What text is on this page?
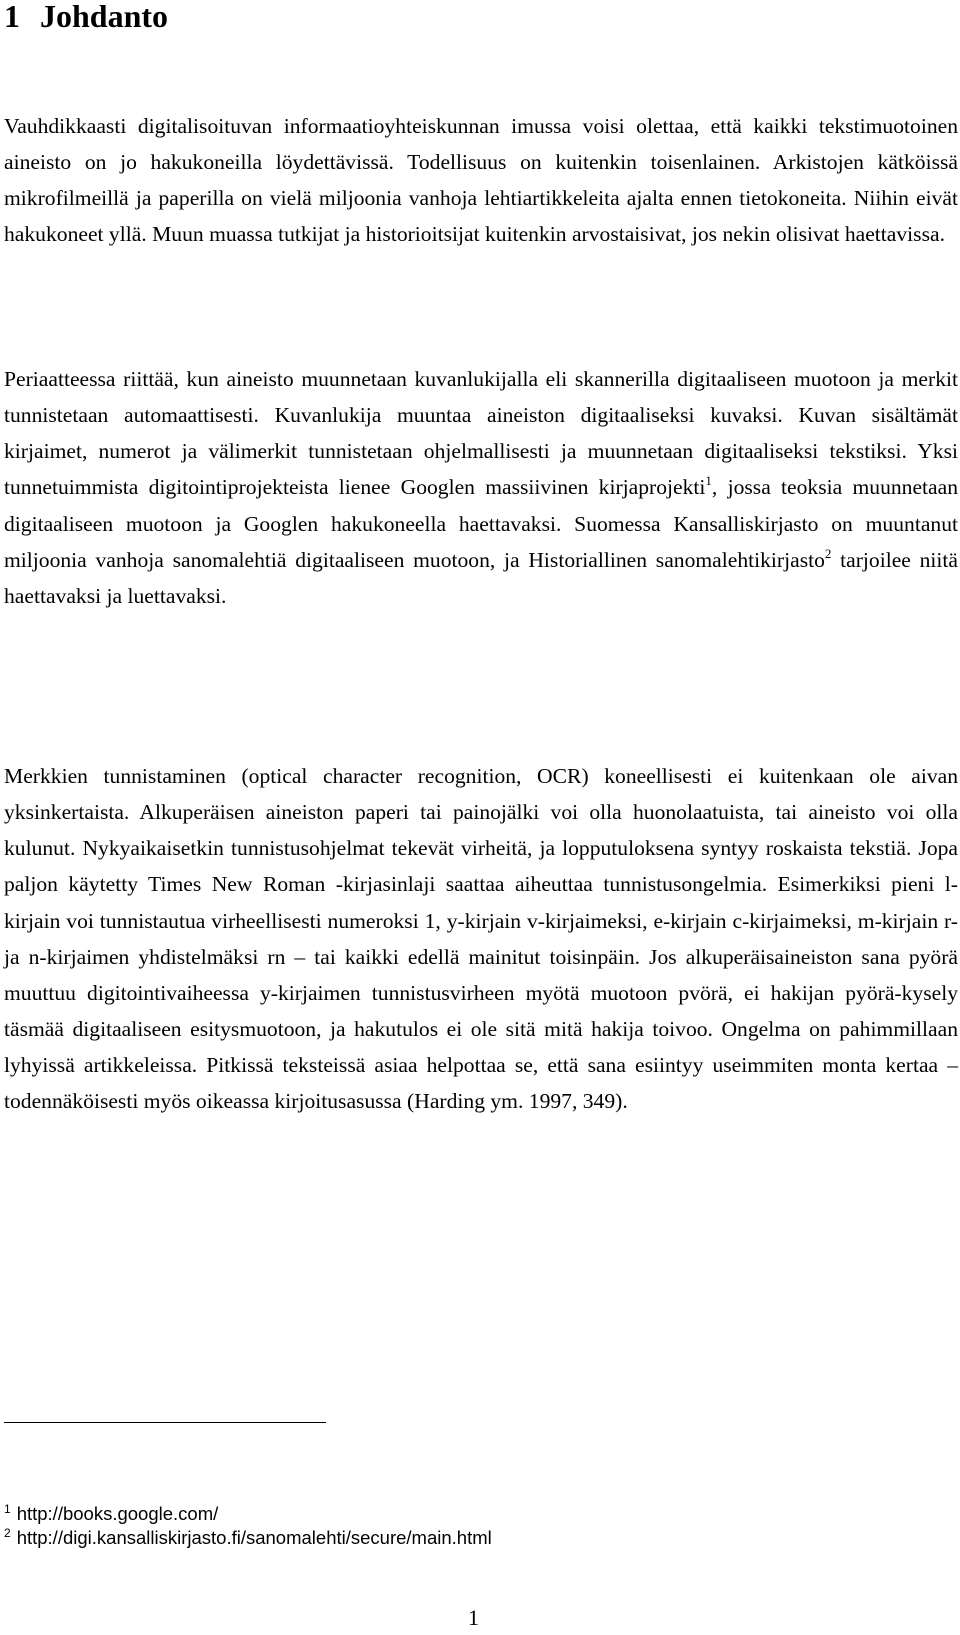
1 Johdanto

Vauhdikkaasti digitalisoituvan informaatioyhteiskunnan imussa voisi olettaa, että kaikki tekstimuotoinen aineisto on jo hakukoneilla löydettävissä. Todellisuus on kuitenkin toisenlainen. Arkistojen kätköissä mikrofilmeillä ja paperilla on vielä miljoonia vanhoja lehtiartikkeleita ajalta ennen tietokoneita. Niihin eivät hakukoneet yllä. Muun muassa tutkijat ja historioitsijat kuitenkin arvostaisivat, jos nekin olisivat haettavissa.

Periaatteessa riittää, kun aineisto muunnetaan kuvanlukijalla eli skannerilla digitaaliseen muotoon ja merkit tunnistetaan automaattisesti. Kuvanlukija muuntaa aineiston digitaaliseksi kuvaksi. Kuvan sisältämät kirjaimet, numerot ja välimerkit tunnistetaan ohjelmallisesti ja muunnetaan digitaaliseksi tekstiksi. Yksi tunnetuimmista digitointiprojekteista lienee Googlen massiivinen kirjaprojekti$^1$, jossa teoksia muunnetaan digitaaliseen muotoon ja Googlen hakukoneella haettavaksi. Suomessa Kansalliskirjasto on muuntanut miljoonia vanhoja sanomalehtiä digitaaliseen muotoon, ja Historiallinen sanomalehtikirjasto$^2$ tarjoilee niitä haettavaksi ja luettavaksi.

Merkkien tunnistaminen (optical character recognition, OCR) koneellisesti ei kuitenkaan ole aivan yksinkertaista. Alkuperäisen aineiston paperi tai painojälki voi olla huonolaatuista, tai aineisto voi olla kulunut. Nykyaikaisetkin tunnistusohjelmat tekevät virheitä, ja lopputuloksena syntyy roskaista tekstiä. Jopa paljon käytetty Times New Roman -kirjasinlaji saattaa aiheuttaa tunnistusongelmia. Esimerkiksi pieni l-kirjain voi tunnistautua virheellisesti numeroksi 1, y-kirjain v-kirjaimeksi, e-kirjain c-kirjaimeksi, m-kirjain r- ja n-kirjaimen yhdistelmäksi rn – tai kaikki edellä mainitut toisinpäin. Jos alkuperäisaineiston sana pyörä muuttuu digitointivaiheessa y-kirjaimen tunnistusvirheen myötä muotoon pvörä, ei hakijan pyörä-kysely täsmää digitaaliseen esitysmuotoon, ja hakutulos ei ole sitä mitä hakija toivoo. Ongelma on pahimmillaan lyhyissä artikkeleissa. Pitkissä teksteissä asiaa helpottaa se, että sana esiintyy useimmiten monta kertaa – todennäköisesti myös oikeassa kirjoitusasussa (Harding ym. 1997, 349).

$^1$ http://books.google.com/
$^2$ http://digi.kansalliskirjasto.fi/sanomalehti/secure/main.html
1
